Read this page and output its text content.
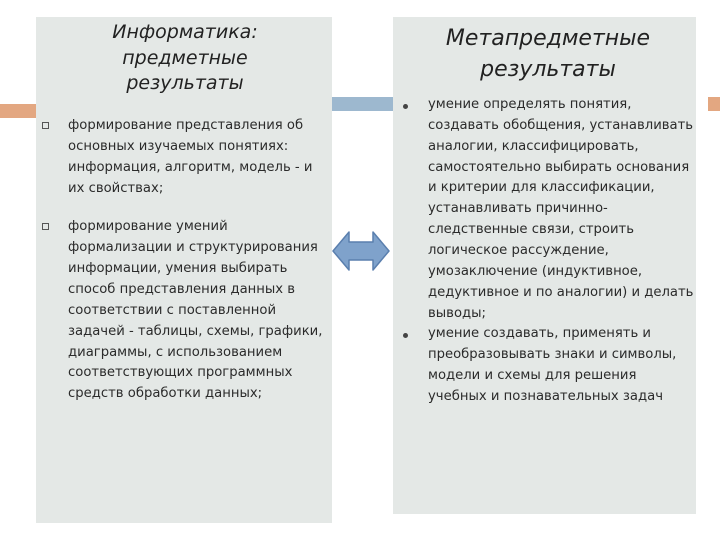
Информатика:
предметные
результаты
Метапредметные
результаты
формирование представления об основных изучаемых понятиях: информация, алгоритм, модель - и их свойствах;
формирование умений формализации и структурирования информации, умения выбирать способ представления данных в соответствии с поставленной задачей - таблицы, схемы, графики, диаграммы, с использованием соответствующих программных средств обработки данных;
умение определять понятия, создавать обобщения, устанавливать аналогии, классифицировать, самостоятельно выбирать основания и критерии для классификации, устанавливать причинно-следственные связи, строить логическое рассуждение, умозаключение (индуктивное, дедуктивное и по аналогии) и делать выводы;
умение создавать, применять и преобразовывать знаки и символы, модели и схемы для решения учебных и познавательных задач
